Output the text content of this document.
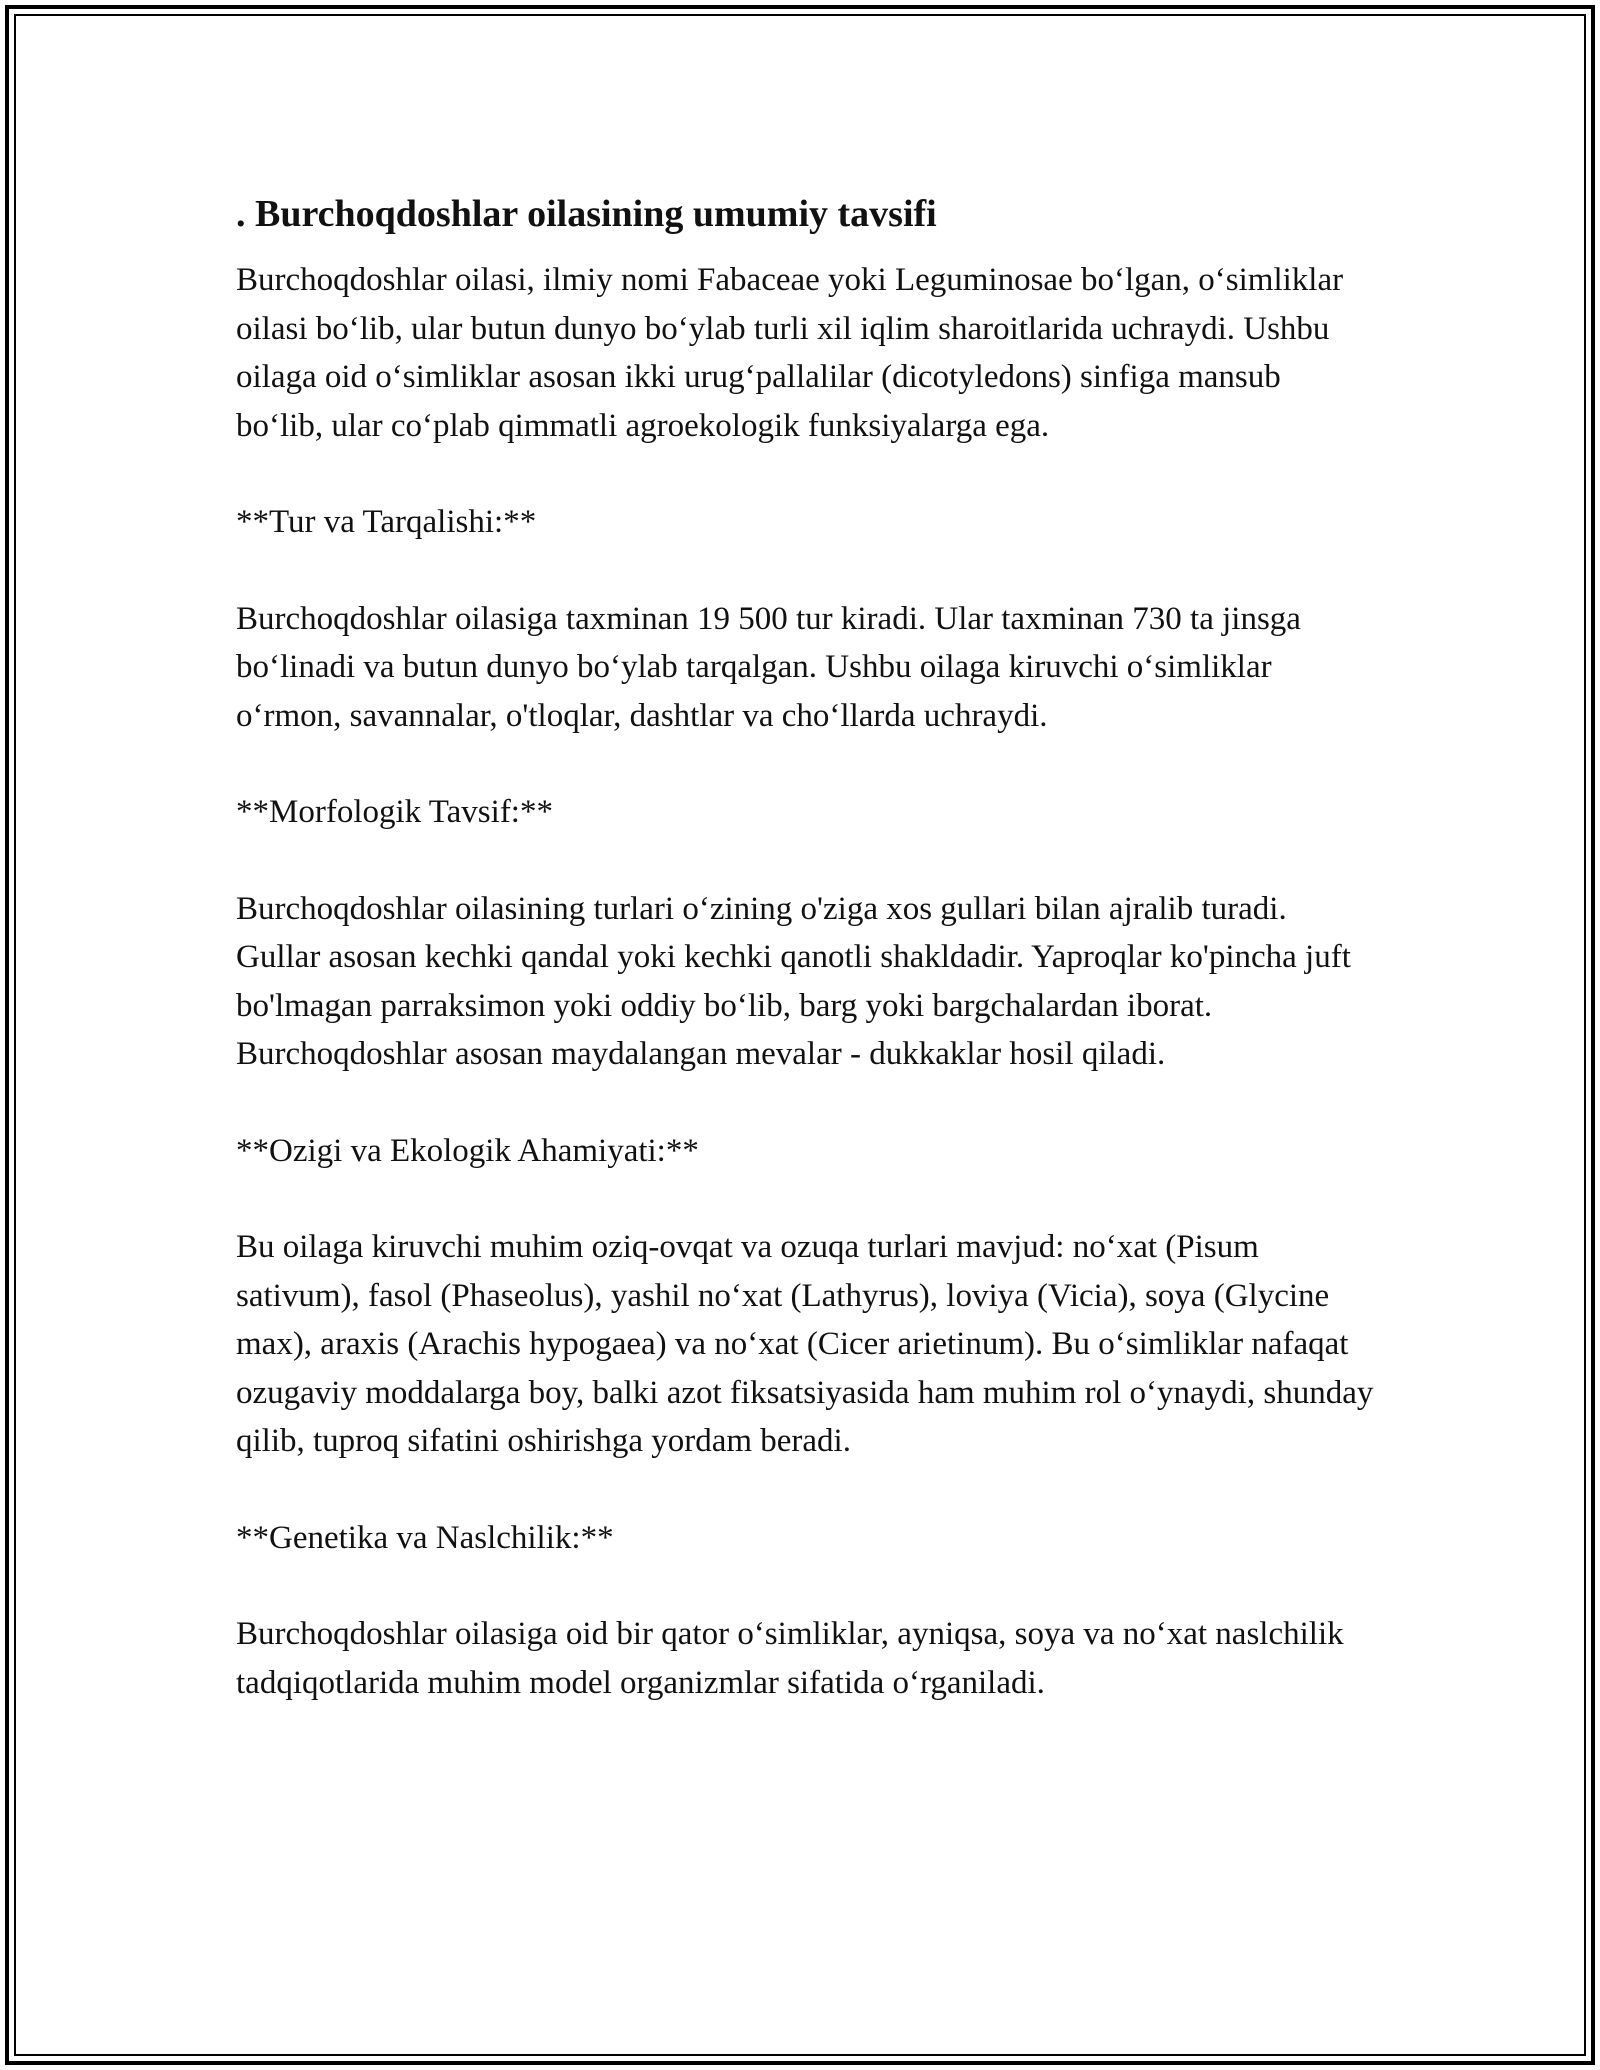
. Burchoqdoshlar oilasining umumiy tavsifi

Burchoqdoshlar oilasi, ilmiy nomi Fabaceae yoki Leguminosae bo‘lgan, o‘simliklar oilasi bo‘lib, ular butun dunyo bo‘ylab turli xil iqlim sharoitlarida uchraydi. Ushbu oilaga oid o‘simliklar asosan ikki urug‘pallalilar (dicotyledons) sinfiga mansub bo‘lib, ular co‘plab qimmatli agroekologik funksiyalarga ega.

**Tur va Tarqalishi:**

Burchoqdoshlar oilasiga taxminan 19 500 tur kiradi. Ular taxminan 730 ta jinsga bo‘linadi va butun dunyo bo‘ylab tarqalgan. Ushbu oilaga kiruvchi o‘simliklar o‘rmon, savannalar, o'tloqlar, dashtlar va cho‘llarda uchraydi.

**Morfologik Tavsif:**

Burchoqdoshlar oilasining turlari o‘zining o'ziga xos gullari bilan ajralib turadi. Gullar asosan kechki qandal yoki kechki qanotli shakldadir. Yaproqlar ko'pincha juft bo'lmagan parraksimon yoki oddiy bo‘lib, barg yoki bargchalardan iborat. Burchoqdoshlar asosan maydalangan mevalar - dukkaklar hosil qiladi.

**Ozigi va Ekologik Ahamiyati:**

Bu oilaga kiruvchi muhim oziq-ovqat va ozuqa turlari mavjud: no‘xat (Pisum sativum), fasol (Phaseolus), yashil no‘xat (Lathyrus), loviya (Vicia), soya (Glycine max), araxis (Arachis hypogaea) va no‘xat (Cicer arietinum). Bu o‘simliklar nafaqat ozugaviy moddalarga boy, balki azot fiksatsiyasida ham muhim rol o‘ynaydi, shunday qilib, tuproq sifatini oshirishga yordam beradi.

**Genetika va Naslchilik:**

Burchoqdoshlar oilasiga oid bir qator o‘simliklar, ayniqsa, soya va no‘xat naslchilik tadqiqotlarida muhim model organizmlar sifatida o‘rganiladi.
